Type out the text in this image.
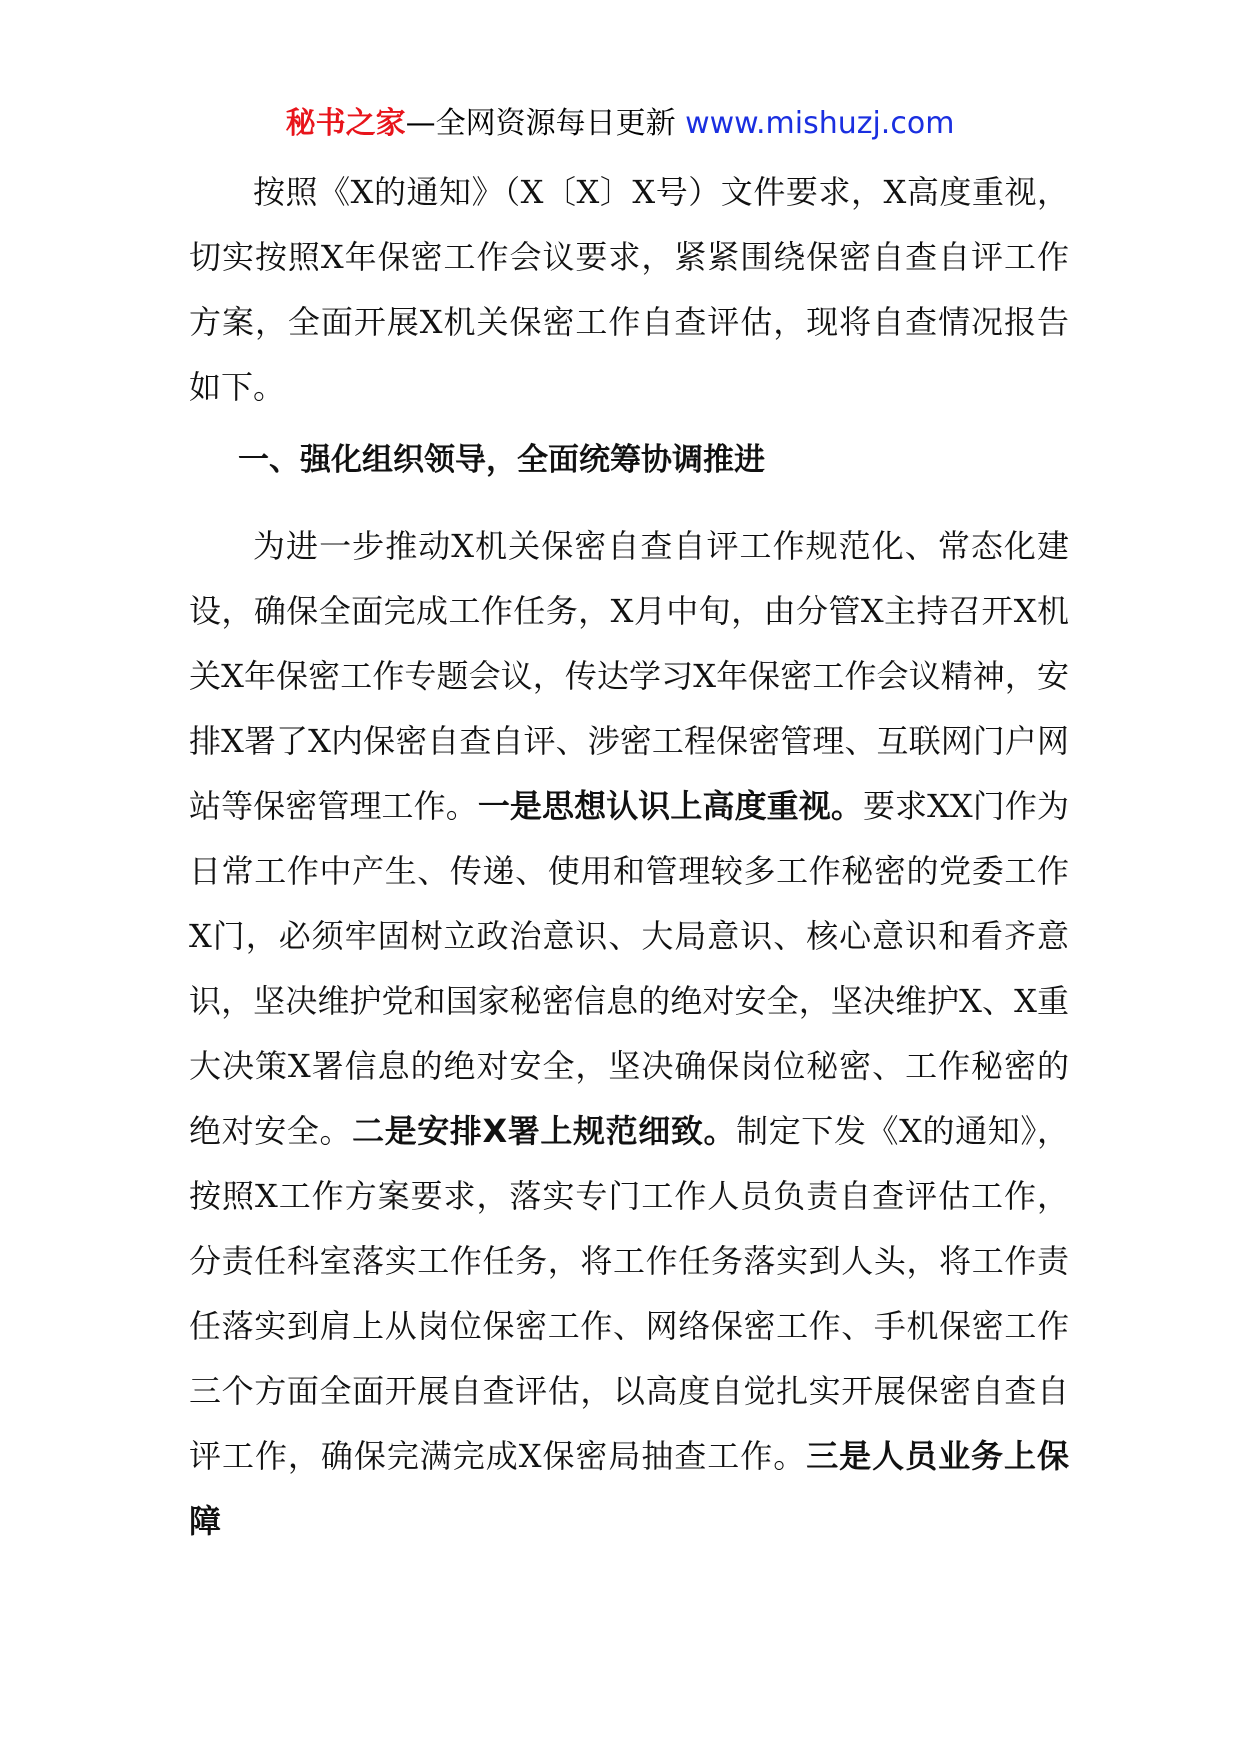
秘书之家—全网资源每日更新 www.mishuzj.com

按照《X的通知》（X〔X〕X号）文件要求，X高度重视，切实按照X年保密工作会议要求，紧紧围绕保密自查自评工作方案，全面开展X机关保密工作自查评估，现将自查情况报告如下。

一、强化组织领导，全面统筹协调推进

为进一步推动X机关保密自查自评工作规范化、常态化建设，确保全面完成工作任务，X月中旬，由分管X主持召开X机关X年保密工作专题会议，传达学习X年保密工作会议精神，安排X署了X内保密自查自评、涉密工程保密管理、互联网门户网站等保密管理工作。一是思想认识上高度重视。要求XX门作为日常工作中产生、传递、使用和管理较多工作秘密的党委工作X门，必须牢固树立政治意识、大局意识、核心意识和看齐意识，坚决维护党和国家秘密信息的绝对安全，坚决维护X、X重大决策X署信息的绝对安全，坚决确保岗位秘密、工作秘密的绝对安全。二是安排X署上规范细致。制定下发《X的通知》，按照X工作方案要求，落实专门工作人员负责自查评估工作，分责任科室落实工作任务，将工作任务落实到人头，将工作责任落实到肩上从岗位保密工作、网络保密工作、手机保密工作三个方面全面开展自查评估，以高度自觉扎实开展保密自查自评工作，确保完满完成X保密局抽查工作。三是人员业务上保障
